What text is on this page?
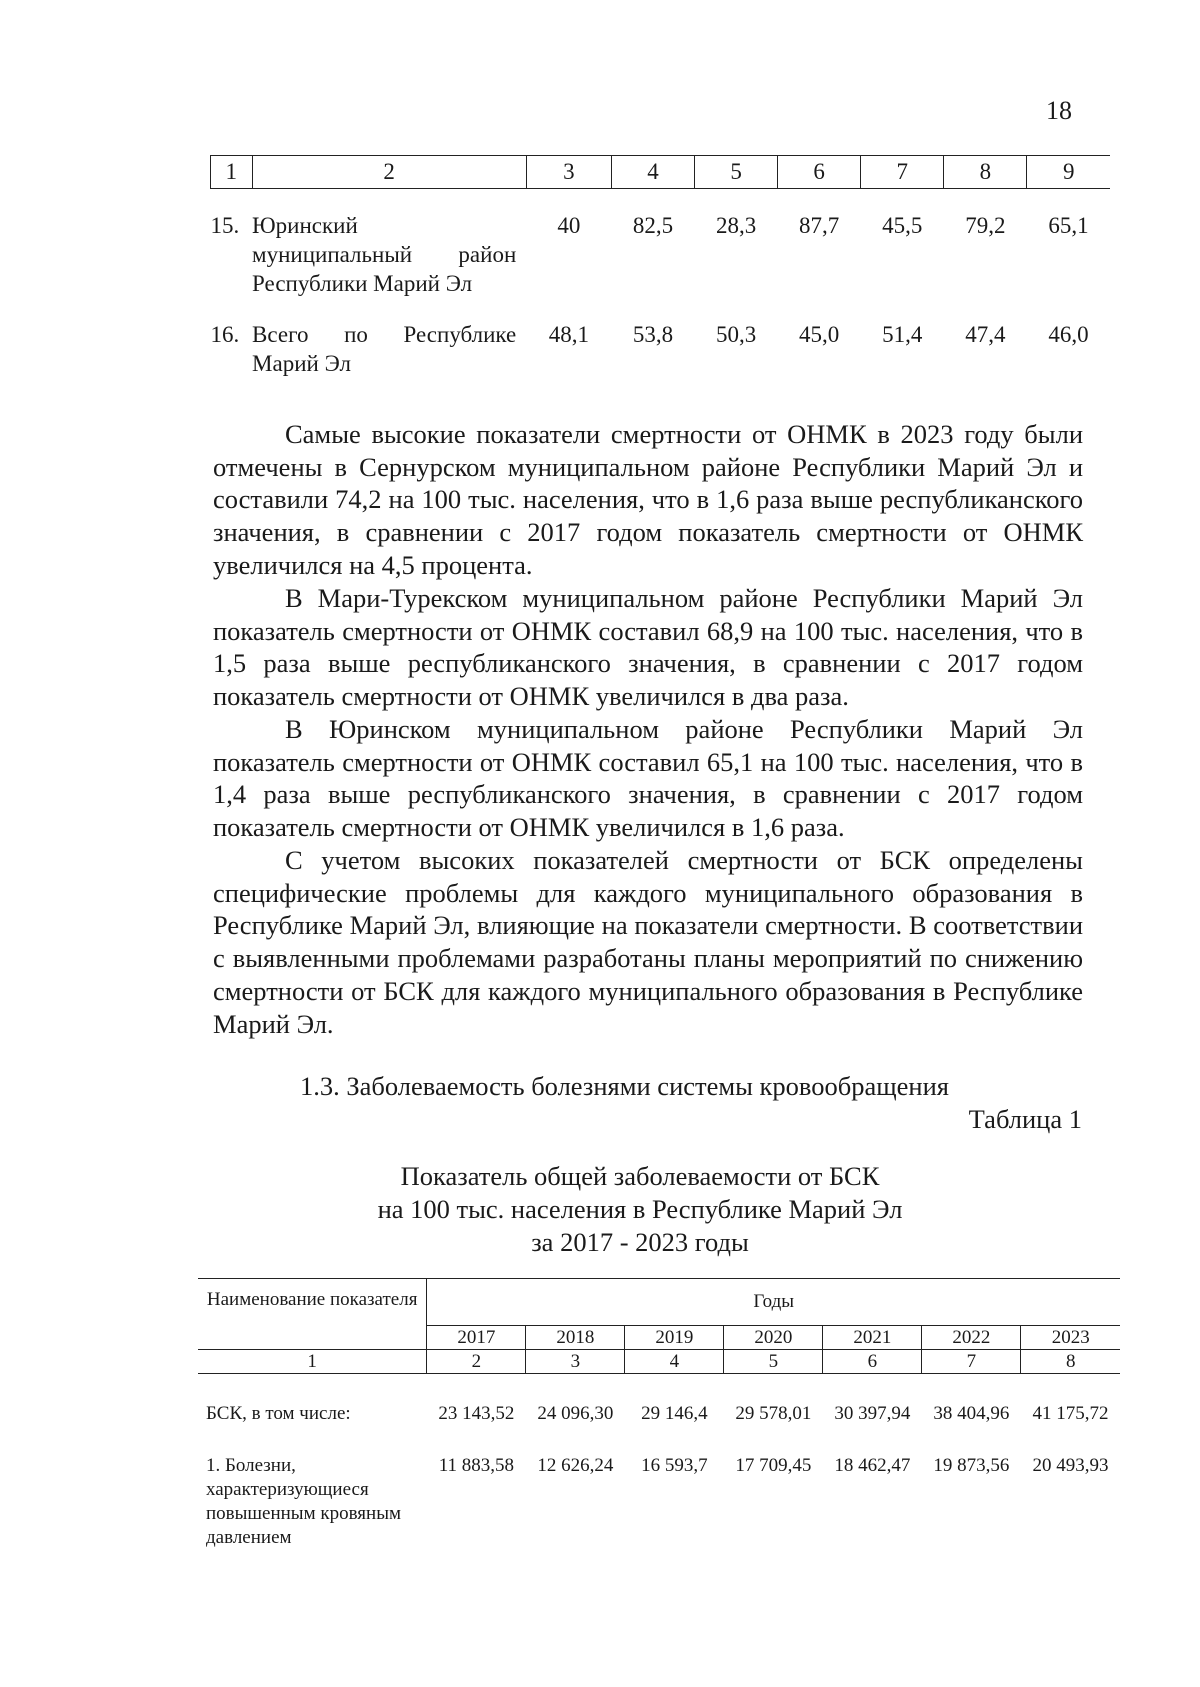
18
1	2	3	4	5	6	7	8	9

15.	Юринский муниципальный район Республики Марий Эл	40	82,5	28,3	87,7	45,5	79,2	65,1

16.	Всего по Республике Марий Эл	48,1	53,8	50,3	45,0	51,4	47,4	46,0

Самые высокие показатели смертности от ОНМК в 2023 году были отмечены в Сернурском муниципальном районе Республики Марий Эл и составили 74,2 на 100 тыс. населения, что в 1,6 раза выше республиканского значения, в сравнении с 2017 годом показатель смертности от ОНМК увеличился на 4,5 процента.

В Мари-Турекском муниципальном районе Республики Марий Эл показатель смертности от ОНМК составил 68,9 на 100 тыс. населения, что в 1,5 раза выше республиканского значения, в сравнении с 2017 годом показатель смертности от ОНМК увеличился в два раза.

В Юринском муниципальном районе Республики Марий Эл показатель смертности от ОНМК составил 65,1 на 100 тыс. населения, что в 1,4 раза выше республиканского значения, в сравнении с 2017 годом показатель смертности от ОНМК увеличился в 1,6 раза.

С учетом высоких показателей смертности от БСК определены специфические проблемы для каждого муниципального образования в Республике Марий Эл, влияющие на показатели смертности. В соответствии с выявленными проблемами разработаны планы мероприятий по снижению смертности от БСК для каждого муниципального образования в Республике Марий Эл.

1.3. Заболеваемость болезнями системы кровообращения
Таблица 1
Показатель общей заболеваемости от БСК
на 100 тыс. населения в Республике Марий Эл
за 2017 - 2023 годы
Наименование показателя	Годы						
	2017	2018	2019	2020	2021	2022	2023
1	2	3	4	5	6	7	8

БСК, в том числе:	23 143,52	24 096,30	29 146,4	29 578,01	30 397,94	38 404,96	41 175,72

1. Болезни, характеризующиеся повышенным кровяным давлением	11 883,58	12 626,24	16 593,7	17 709,45	18 462,47	19 873,56	20 493,93
